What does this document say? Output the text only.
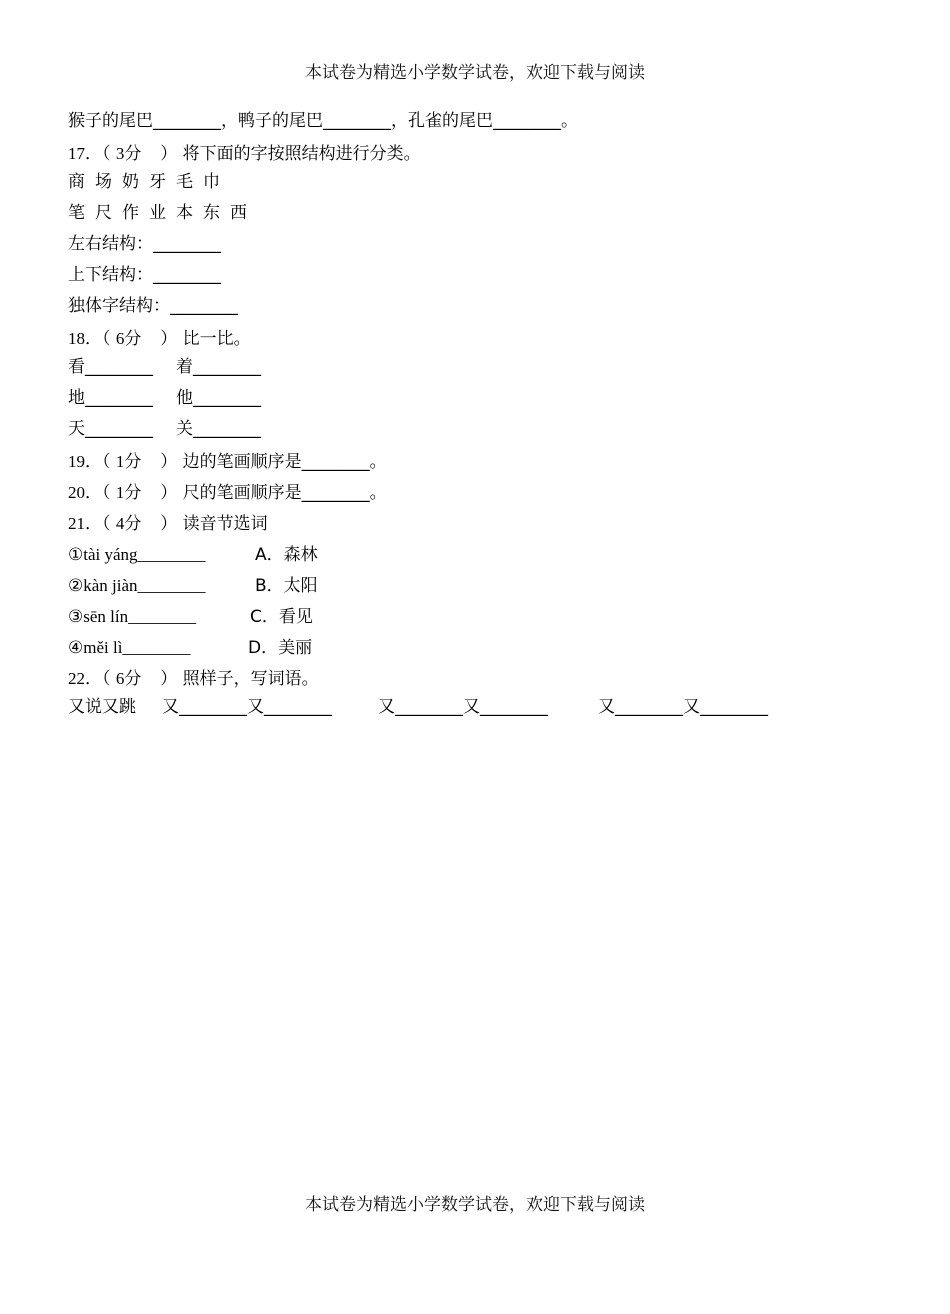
本试卷为精选小学数学试卷，欢迎下载与阅读
猴子的尾巴________，鸭子的尾巴________，孔雀的尾巴________。
17．（ 3分 ） 将下面的字按照结构进行分类。
商 场 奶 牙 毛 巾
笔 尺 作 业 本 东 西
左右结构：________
上下结构：________
独体字结构：________
18．（ 6分 ） 比一比。
看________ 着________
地________ 他________
天________ 关________
19．（ 1分 ） 边的笔画顺序是________。
20．（ 1分 ） 尺的笔画顺序是________。
21．（ 4分 ） 读音节选词
①tài yáng________	A．森林
②kàn jiàn________	B．太阳
③sēn lín________	C．看见
④měi lì________	D．美丽
22．（ 6分 ） 照样子，写词语。
又说又跳 又________又________	又________又________	又________又________
本试卷为精选小学数学试卷，欢迎下载与阅读
